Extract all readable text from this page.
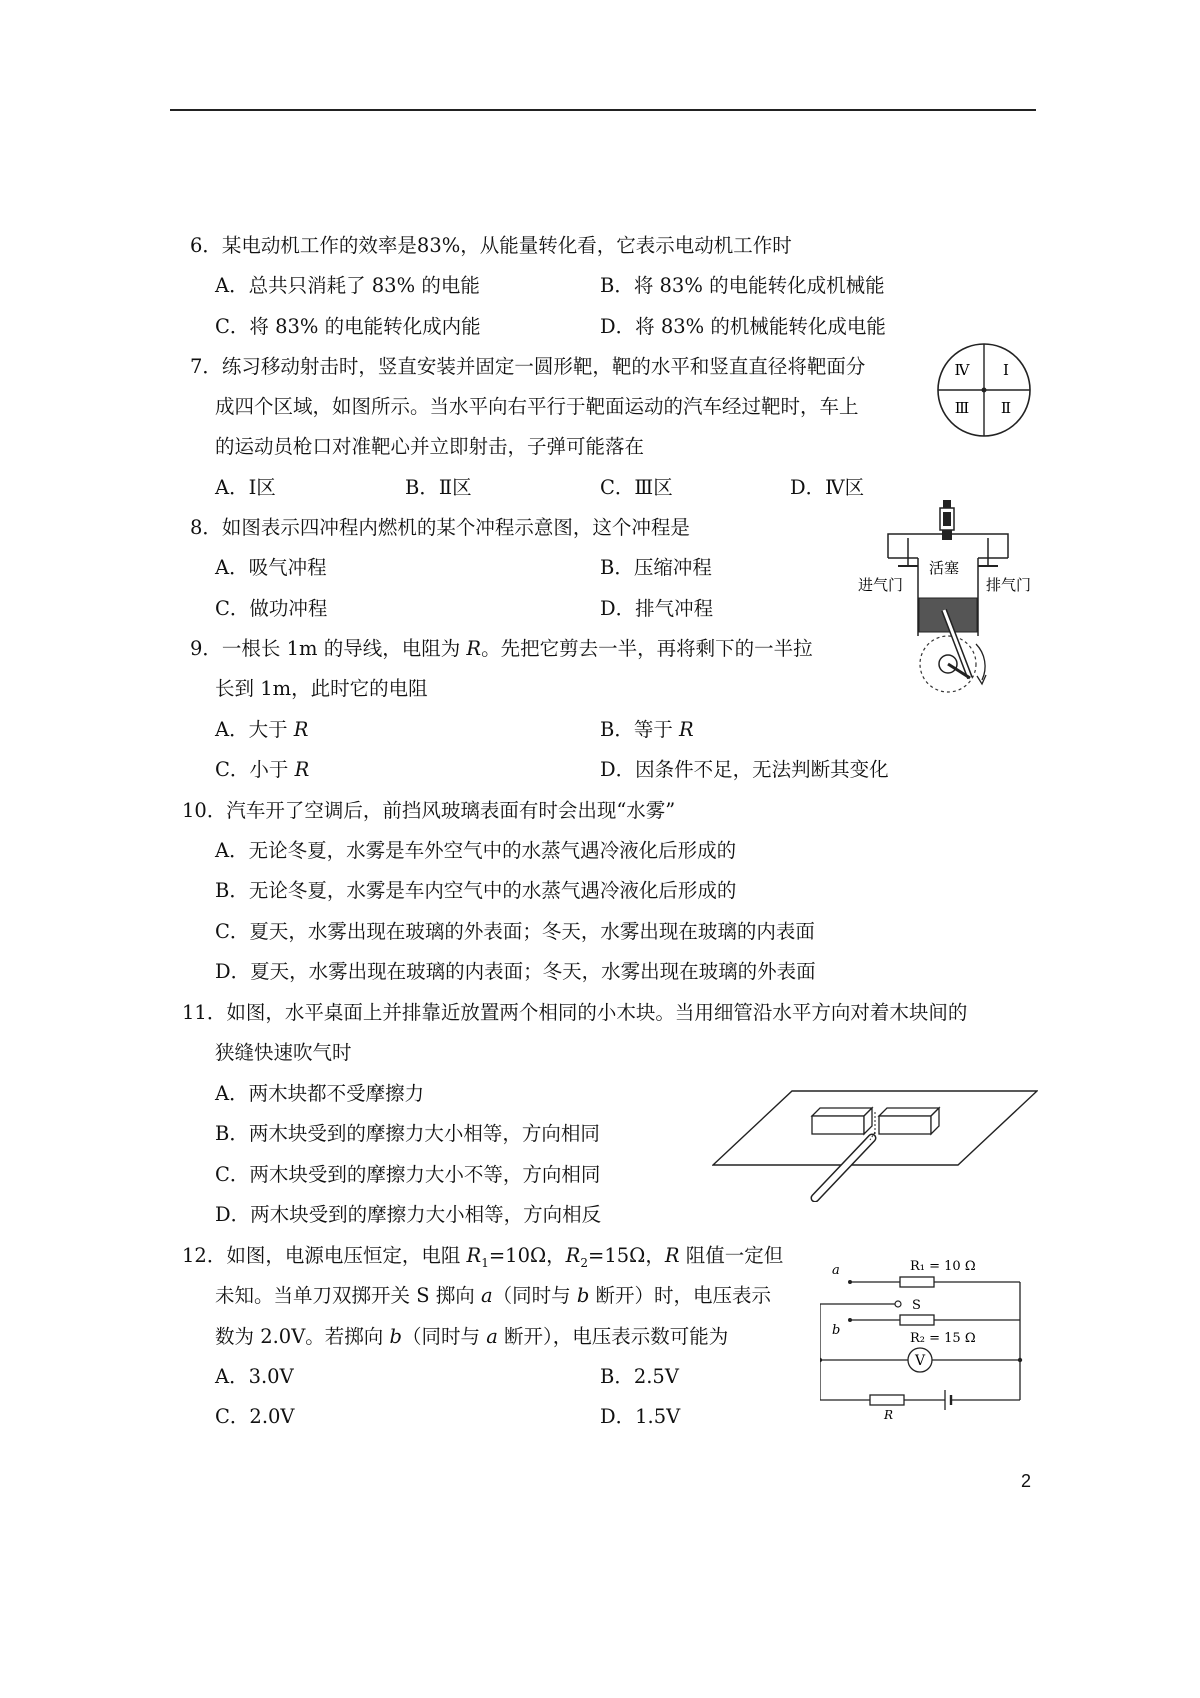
6．某电动机工作的效率是83%，从能量转化看，它表示电动机工作时
A．总共只消耗了 83% 的电能	B．将 83% 的电能转化成机械能
C．将 83% 的电能转化成内能	D．将 83% 的机械能转化成电能
7．练习移动射击时，竖直安装并固定一圆形靶，靶的水平和竖直直径将靶面分
成四个区域，如图所示。当水平向右平行于靶面运动的汽车经过靶时，车上
的运动员枪口对准靶心并立即射击，子弹可能落在
A．Ⅰ区	B．Ⅱ区	C．Ⅲ区	D．Ⅳ区
Ⅰ
Ⅱ
Ⅲ
Ⅳ
8．如图表示四冲程内燃机的某个冲程示意图，这个冲程是
A．吸气冲程	B．压缩冲程
C．做功冲程	D．排气冲程
进气门
活塞
排气门
9．一根长 1m 的导线，电阻为 R。先把它剪去一半，再将剩下的一半拉
长到 1m，此时它的电阻
A．大于 R	B．等于 R
C．小于 R	D．因条件不足，无法判断其变化
10．汽车开了空调后，前挡风玻璃表面有时会出现“水雾”
A．无论冬夏，水雾是车外空气中的水蒸气遇冷液化后形成的
B．无论冬夏，水雾是车内空气中的水蒸气遇冷液化后形成的
C．夏天，水雾出现在玻璃的外表面；冬天，水雾出现在玻璃的内表面
D．夏天，水雾出现在玻璃的内表面；冬天，水雾出现在玻璃的外表面
11．如图，水平桌面上并排靠近放置两个相同的小木块。当用细管沿水平方向对着木块间的
狭缝快速吹气时
A．两木块都不受摩擦力
B．两木块受到的摩擦力大小相等，方向相同
C．两木块受到的摩擦力大小不等，方向相同
D．两木块受到的摩擦力大小相等，方向相反
12．如图，电源电压恒定，电阻 $R_1=10\Omega$，$R_2=15\Omega$，R 阻值一定但
未知。当单刀双掷开关 S 掷向 a（同时与 b 断开）时，电压表示
数为 2.0V。若掷向 b（同时与 a 断开），电压表示数可能为
A．3.0V	B．2.5V
C．2.0V	D．1.5V
R₁ = 10 Ω
a
S
b
R₂ = 15 Ω
V
R
2
